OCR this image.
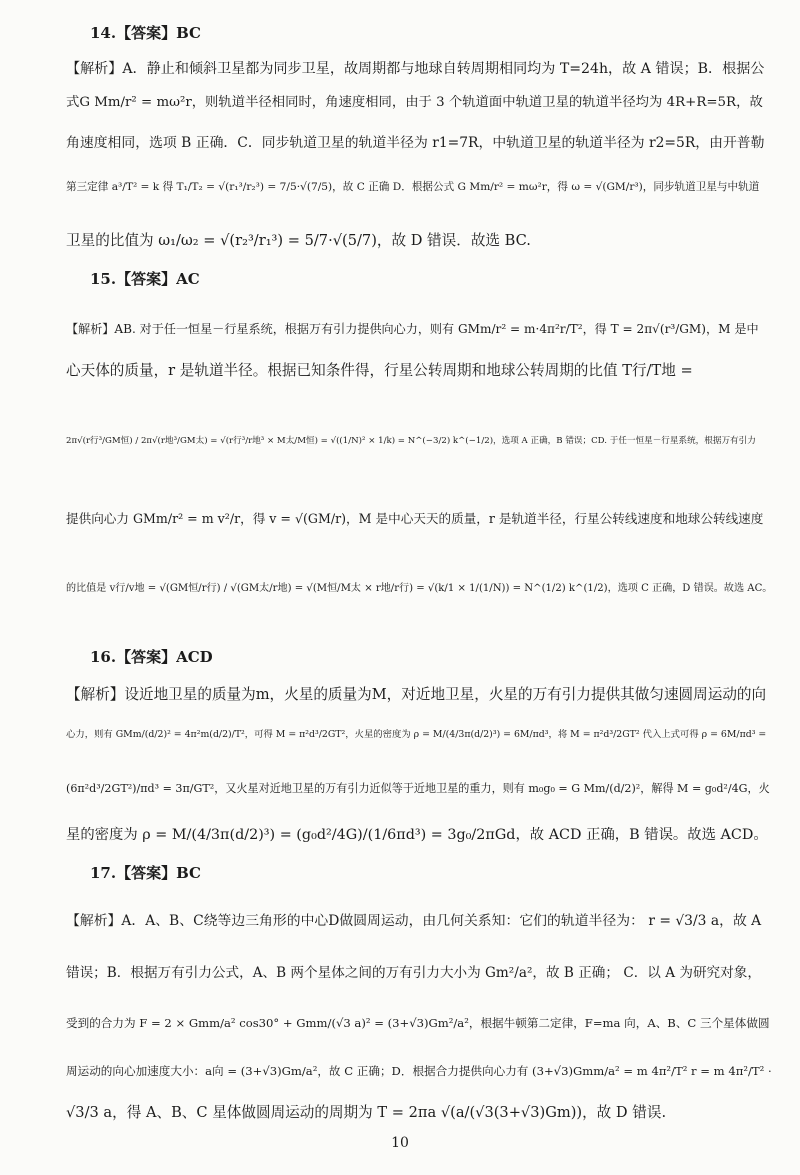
14.【答案】BC
【解析】A．静止和倾斜卫星都为同步卫星，故周期都与地球自转周期相同均为 T=24h，故 A 错误；B．根据公
式G Mm/r² = mω²r，则轨道半径相同时，角速度相同，由于 3 个轨道面中轨道卫星的轨道半径均为 4R+R=5R，故
角速度相同，选项 B 正确．C．同步轨道卫星的轨道半径为 r1=7R，中轨道卫星的轨道半径为 r2=5R，由开普勒
第三定律 a³/T² = k 得 T₁/T₂ = √(r₁³/r₂³) = 7/5·√(7/5)，故 C 正确 D．根据公式 G Mm/r² = mω²r，得 ω = √(GM/r³)，同步轨道卫星与中轨道
卫星的比值为 ω₁/ω₂ = √(r₂³/r₁³) = 5/7·√(5/7)，故 D 错误．故选 BC.
15.【答案】AC
【解析】AB. 对于任一恒星－行星系统，根据万有引力提供向心力，则有 GMm/r² = m·4π²r/T²，得 T = 2π√(r³/GM)，M 是中
心天体的质量，r 是轨道半径。根据已知条件得，行星公转周期和地球公转周期的比值 T行/T地 =
2π√(r行³/GM恒) / 2π√(r地³/GM太) = √(r行³/r地³ × M太/M恒) = √((1/N)² × 1/k) = N^(−3/2) k^(−1/2)，选项 A 正确，B 错误；CD. 于任一恒星－行星系统，根据万有引力
提供向心力 GMm/r² = m v²/r，得 v = √(GM/r)，M 是中心天天的质量，r 是轨道半径，行星公转线速度和地球公转线速度
的比值是 v行/v地 = √(GM恒/r行) / √(GM太/r地) = √(M恒/M太 × r地/r行) = √(k/1 × 1/(1/N)) = N^(1/2) k^(1/2)，选项 C 正确，D 错误。故选 AC。
16.【答案】ACD
【解析】设近地卫星的质量为m，火星的质量为M，对近地卫星，火星的万有引力提供其做匀速圆周运动的向
心力，则有 GMm/(d/2)² = 4π²m(d/2)/T²，可得 M = π²d³/2GT²，火星的密度为 ρ = M/(4/3π(d/2)³) = 6M/πd³，将 M = π²d³/2GT² 代入上式可得 ρ = 6M/πd³ =
(6π²d³/2GT²)/πd³ = 3π/GT²，又火星对近地卫星的万有引力近似等于近地卫星的重力，则有 m₀g₀ = G Mm/(d/2)²，解得 M = g₀d²/4G，火
星的密度为 ρ = M/(4/3π(d/2)³) = (g₀d²/4G)/(1/6πd³) = 3g₀/2πGd，故 ACD 正确，B 错误。故选 ACD。
17.【答案】BC
【解析】A．A、B、C绕等边三角形的中心D做圆周运动，由几何关系知：它们的轨道半径为： r = √3/3 a，故 A
错误；B．根据万有引力公式，A、B 两个星体之间的万有引力大小为 Gm²/a²，故 B 正确； C．以 A 为研究对象，
受到的合力为 F = 2 × Gmm/a² cos30° + Gmm/(√3 a)² = (3+√3)Gm²/a²，根据牛顿第二定律，F=ma 向，A、B、C 三个星体做圆
周运动的向心加速度大小：a向 = (3+√3)Gm/a²，故 C 正确；D．根据合力提供向心力有 (3+√3)Gmm/a² = m 4π²/T² r = m 4π²/T² ·
√3/3 a，得 A、B、C 星体做圆周运动的周期为 T = 2πa √(a/(√3(3+√3)Gm))，故 D 错误.
10
